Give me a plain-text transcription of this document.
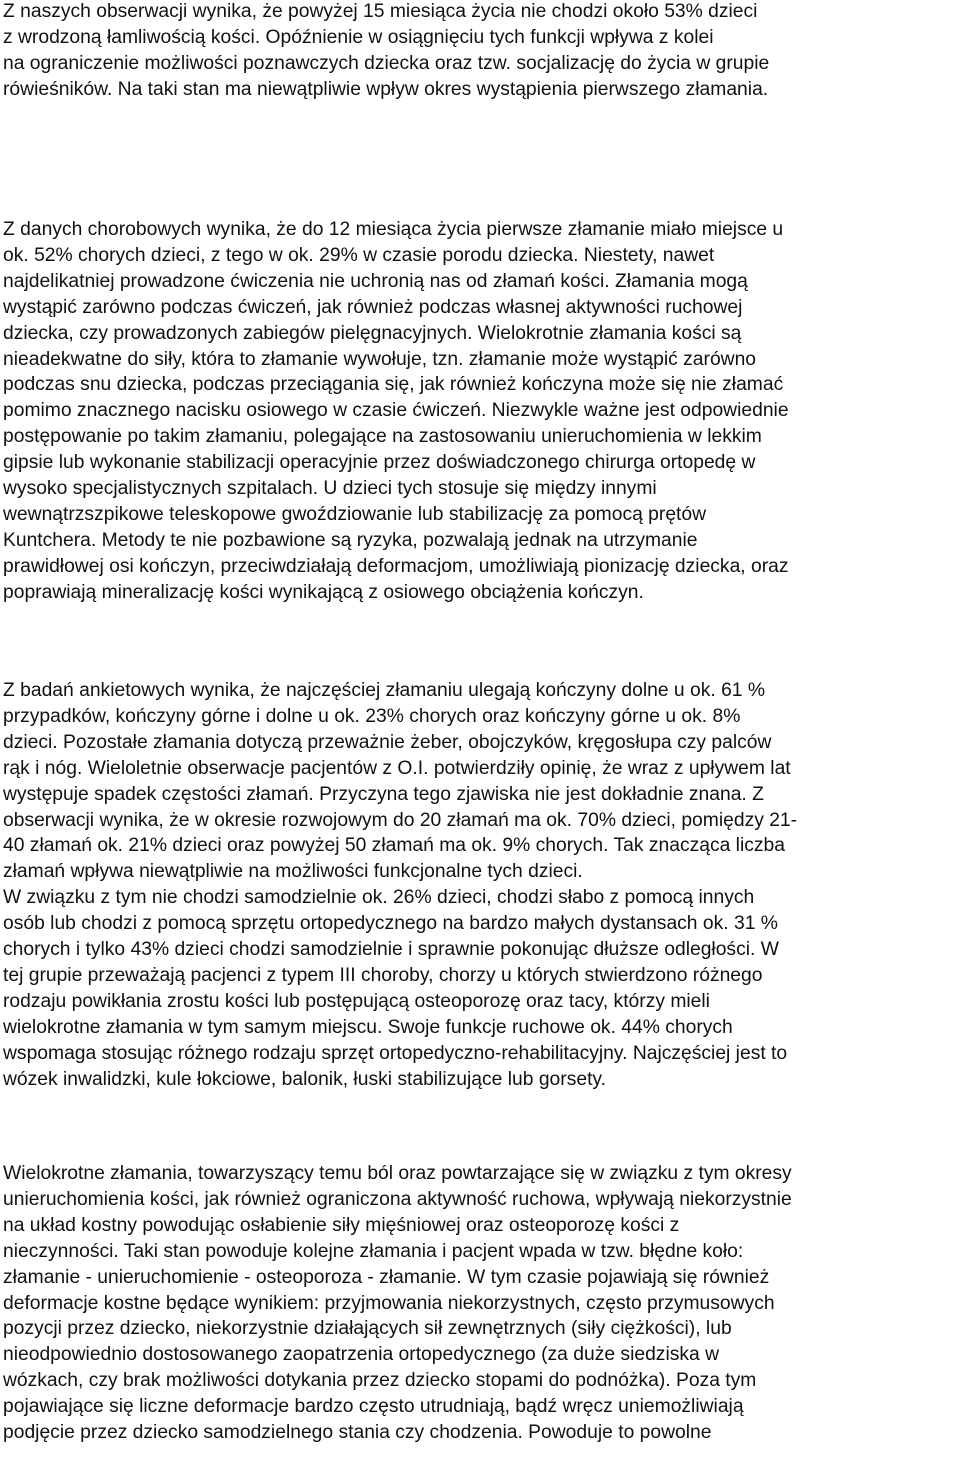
Z naszych obserwacji wynika, że powyżej 15 miesiąca życia nie chodzi około 53% dzieci
z wrodzoną łamliwością kości. Opóźnienie w osiągnięciu tych funkcji wpływa z kolei
na ograniczenie możliwości poznawczych dziecka oraz tzw. socjalizację do życia w grupie
rówieśników. Na taki stan ma niewątpliwie wpływ okres wystąpienia pierwszego złamania.

Z danych chorobowych wynika, że do 12 miesiąca życia pierwsze złamanie miało miejsce u
ok. 52% chorych dzieci, z tego w ok. 29% w czasie porodu dziecka. Niestety, nawet
najdelikatniej prowadzone ćwiczenia nie uchronią nas od złamań kości. Złamania mogą
wystąpić zarówno podczas ćwiczeń, jak również podczas własnej aktywności ruchowej
dziecka, czy prowadzonych zabiegów pielęgnacyjnych. Wielokrotnie złamania kości są
nieadekwatne do siły, która to złamanie wywołuje, tzn. złamanie może wystąpić zarówno
podczas snu dziecka, podczas przeciągania się, jak również kończyna może się nie złamać
pomimo znacznego nacisku osiowego w czasie ćwiczeń. Niezwykle ważne jest odpowiednie
postępowanie po takim złamaniu, polegające na zastosowaniu unieruchomienia w lekkim
gipsie lub wykonanie stabilizacji operacyjnie przez doświadczonego chirurga ortopedę w
wysoko specjalistycznych szpitalach. U dzieci tych stosuje się między innymi
wewnątrzszpikowe teleskopowe gwoździowanie lub stabilizację za pomocą prętów
Kuntchera. Metody te nie pozbawione są ryzyka, pozwalają jednak na utrzymanie
prawidłowej osi kończyn, przeciwdziałają deformacjom, umożliwiają pionizację dziecka, oraz
poprawiają mineralizację kości wynikającą z osiowego obciążenia kończyn.

Z badań ankietowych wynika, że najczęściej złamaniu ulegają kończyny dolne u ok. 61 %
przypadków, kończyny górne i dolne u ok. 23% chorych oraz kończyny górne u ok. 8%
dzieci. Pozostałe złamania dotyczą przeważnie żeber, obojczyków, kręgosłupa czy palców
rąk i nóg. Wieloletnie obserwacje pacjentów z O.I. potwierdziły opinię, że wraz z upływem lat
występuje spadek częstości złamań. Przyczyna tego zjawiska nie jest dokładnie znana. Z
obserwacji wynika, że w okresie rozwojowym do 20 złamań ma ok. 70% dzieci, pomiędzy 21-
40 złamań ok. 21% dzieci oraz powyżej 50 złamań ma ok. 9% chorych. Tak znacząca liczba
złamań wpływa niewątpliwie na możliwości funkcjonalne tych dzieci.
W związku z tym nie chodzi samodzielnie ok. 26% dzieci, chodzi słabo z pomocą innych
osób lub chodzi z pomocą sprzętu ortopedycznego na bardzo małych dystansach ok. 31 %
chorych i tylko 43% dzieci chodzi samodzielnie i sprawnie pokonując dłuższe odległości. W
tej grupie przeważają pacjenci z typem III choroby, chorzy u których stwierdzono różnego
rodzaju powikłania zrostu kości lub postępującą osteoporozę oraz tacy, którzy mieli
wielokrotne złamania w tym samym miejscu. Swoje funkcje ruchowe ok. 44% chorych
wspomaga stosując różnego rodzaju sprzęt ortopedyczno-rehabilitacyjny. Najczęściej jest to
wózek inwalidzki, kule łokciowe, balonik, łuski stabilizujące lub gorsety.

Wielokrotne złamania, towarzyszący temu ból oraz powtarzające się w związku z tym okresy
unieruchomienia kości, jak również ograniczona aktywność ruchowa, wpływają niekorzystnie
na układ kostny powodując osłabienie siły mięśniowej oraz osteoporozę kości z
nieczynności. Taki stan powoduje kolejne złamania i pacjent wpada w tzw. błędne koło:
złamanie - unieruchomienie - osteoporoza - złamanie. W tym czasie pojawiają się również
deformacje kostne będące wynikiem: przyjmowania niekorzystnych, często przymusowych
pozycji przez dziecko, niekorzystnie działających sił zewnętrznych (siły ciężkości), lub
nieodpowiednio dostosowanego zaopatrzenia ortopedycznego (za duże siedziska w
wózkach, czy brak możliwości dotykania przez dziecko stopami do podnóżka). Poza tym
pojawiające się liczne deformacje bardzo często utrudniają, bądź wręcz uniemożliwiają
podjęcie przez dziecko samodzielnego stania czy chodzenia. Powoduje to powolne
